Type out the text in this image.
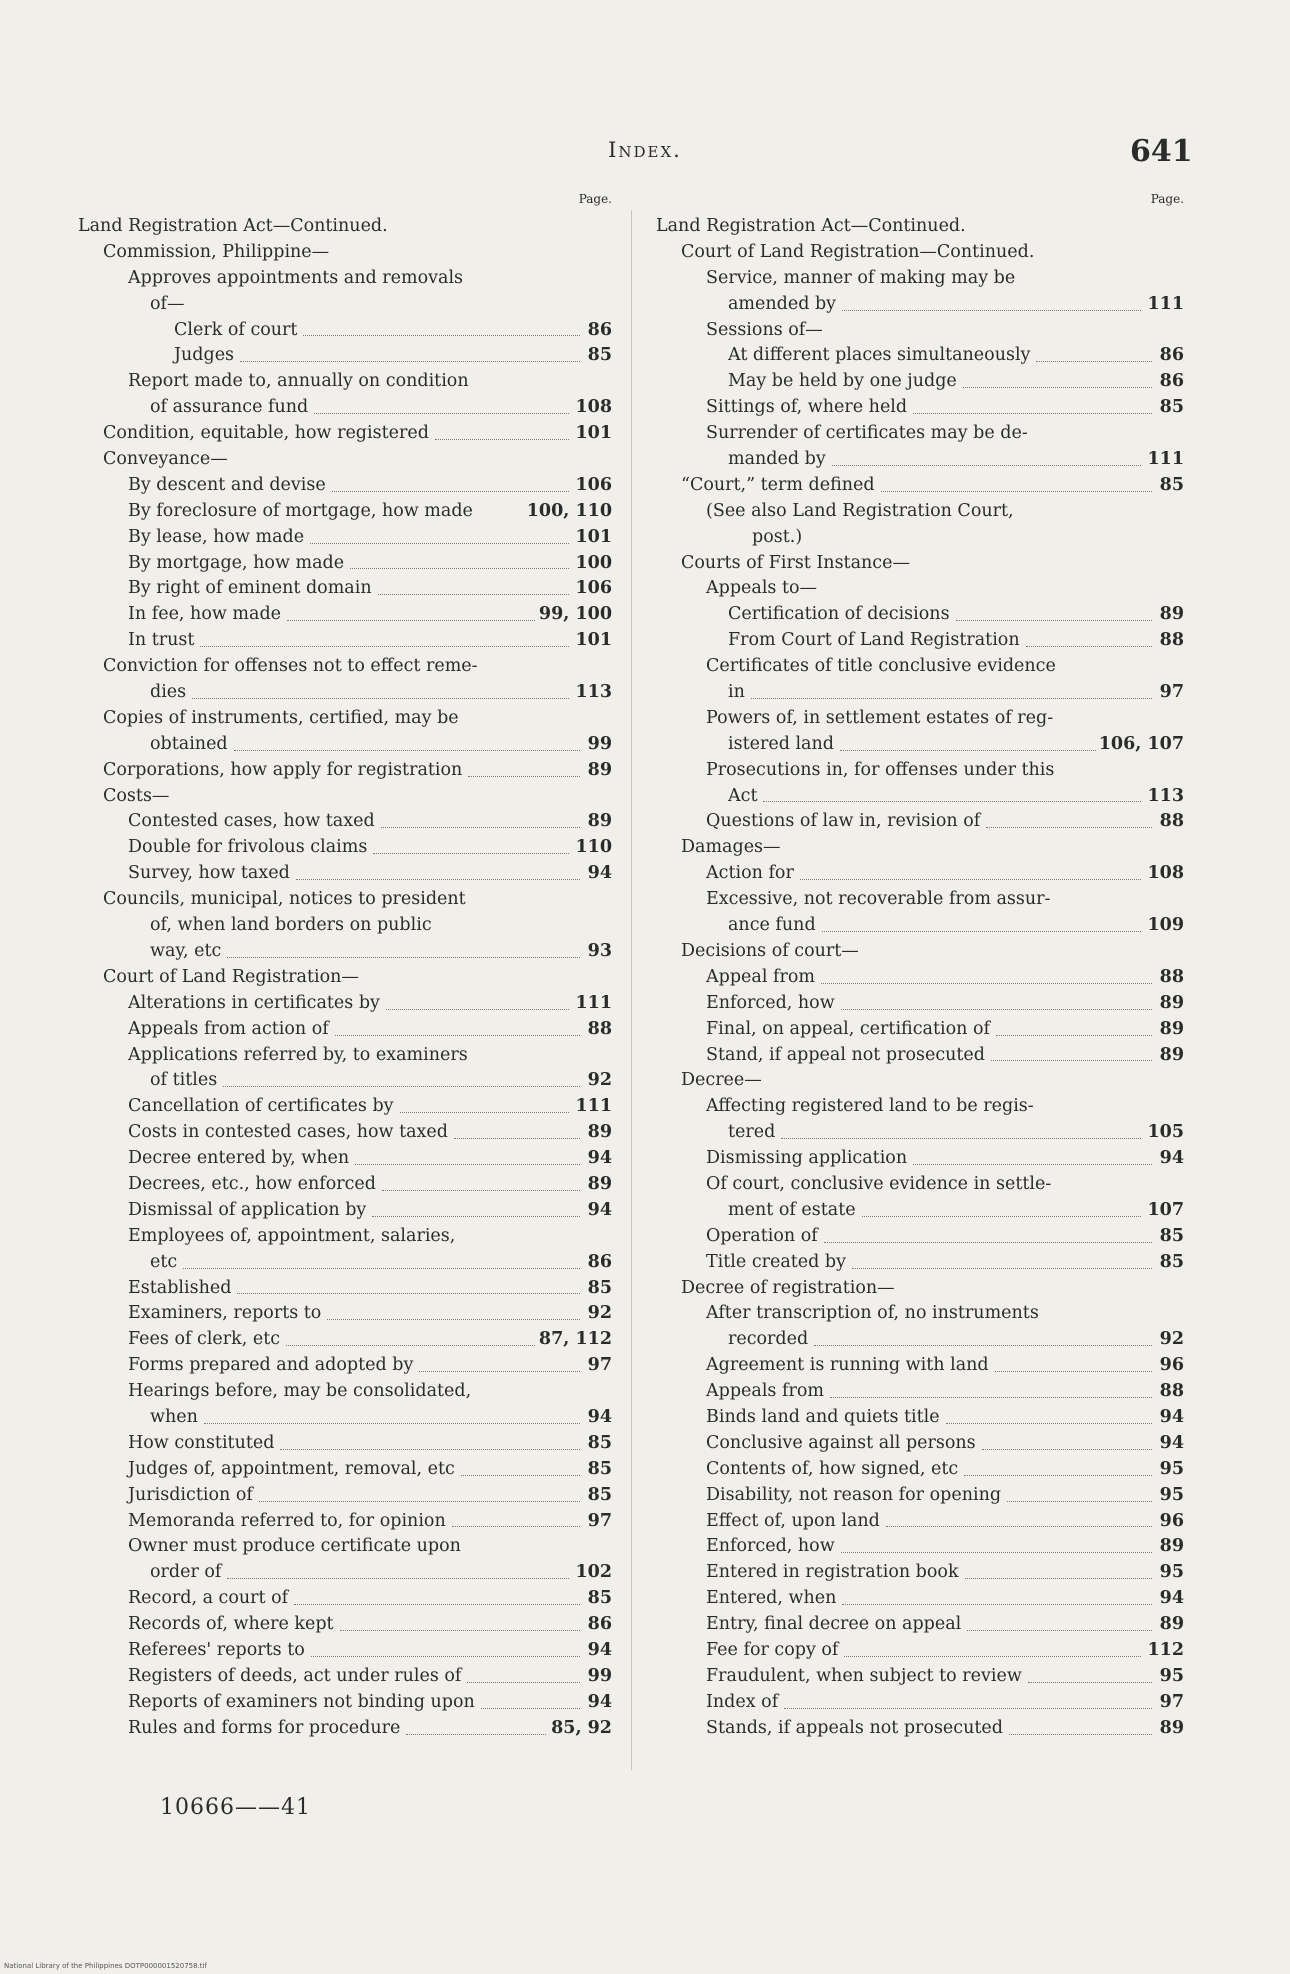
Index.	641
Page.
Land Registration Act—Continued.
Commission, Philippine—
Approves appointments and removals
of—
Clerk of court	86
Judges	85
Report made to, annually on condition
of assurance fund	108
Condition, equitable, how registered	101
Conveyance—
By descent and devise	106
By foreclosure of mortgage, how made	100, 110
By lease, how made	101
By mortgage, how made	100
By right of eminent domain	106
In fee, how made	99, 100
In trust	101
Conviction for offenses not to effect reme-
dies	113
Copies of instruments, certified, may be
obtained	99
Corporations, how apply for registration	89
Costs—
Contested cases, how taxed	89
Double for frivolous claims	110
Survey, how taxed	94
Councils, municipal, notices to president
of, when land borders on public
way, etc	93
Court of Land Registration—
Alterations in certificates by	111
Appeals from action of	88
Applications referred by, to examiners
of titles	92
Cancellation of certificates by	111
Costs in contested cases, how taxed	89
Decree entered by, when	94
Decrees, etc., how enforced	89
Dismissal of application by	94
Employees of, appointment, salaries,
etc	86
Established	85
Examiners, reports to	92
Fees of clerk, etc	87, 112
Forms prepared and adopted by	97
Hearings before, may be consolidated,
when	94
How constituted	85
Judges of, appointment, removal, etc	85
Jurisdiction of	85
Memoranda referred to, for opinion	97
Owner must produce certificate upon
order of	102
Record, a court of	85
Records of, where kept	86
Referees' reports to	94
Registers of deeds, act under rules of	99
Reports of examiners not binding upon	94
Rules and forms for procedure	85, 92
Page.
Land Registration Act—Continued.
Court of Land Registration—Continued.
Service, manner of making may be
amended by	111
Sessions of—
At different places simultaneously	86
May be held by one judge	86
Sittings of, where held	85
Surrender of certificates may be de-
manded by	111
“Court,” term defined	85
(See also Land Registration Court,
post.)
Courts of First Instance—
Appeals to—
Certification of decisions	89
From Court of Land Registration	88
Certificates of title conclusive evidence
in	97
Powers of, in settlement estates of reg-
istered land	106, 107
Prosecutions in, for offenses under this
Act	113
Questions of law in, revision of	88
Damages—
Action for	108
Excessive, not recoverable from assur-
ance fund	109
Decisions of court—
Appeal from	88
Enforced, how	89
Final, on appeal, certification of	89
Stand, if appeal not prosecuted	89
Decree—
Affecting registered land to be regis-
tered	105
Dismissing application	94
Of court, conclusive evidence in settle-
ment of estate	107
Operation of	85
Title created by	85
Decree of registration—
After transcription of, no instruments
recorded	92
Agreement is running with land	96
Appeals from	88
Binds land and quiets title	94
Conclusive against all persons	94
Contents of, how signed, etc	95
Disability, not reason for opening	95
Effect of, upon land	96
Enforced, how	89
Entered in registration book	95
Entered, when	94
Entry, final decree on appeal	89
Fee for copy of	112
Fraudulent, when subject to review	95
Index of	97
Stands, if appeals not prosecuted	89
10666——41
National Library of the Philippines DOTP000001520758.tif
